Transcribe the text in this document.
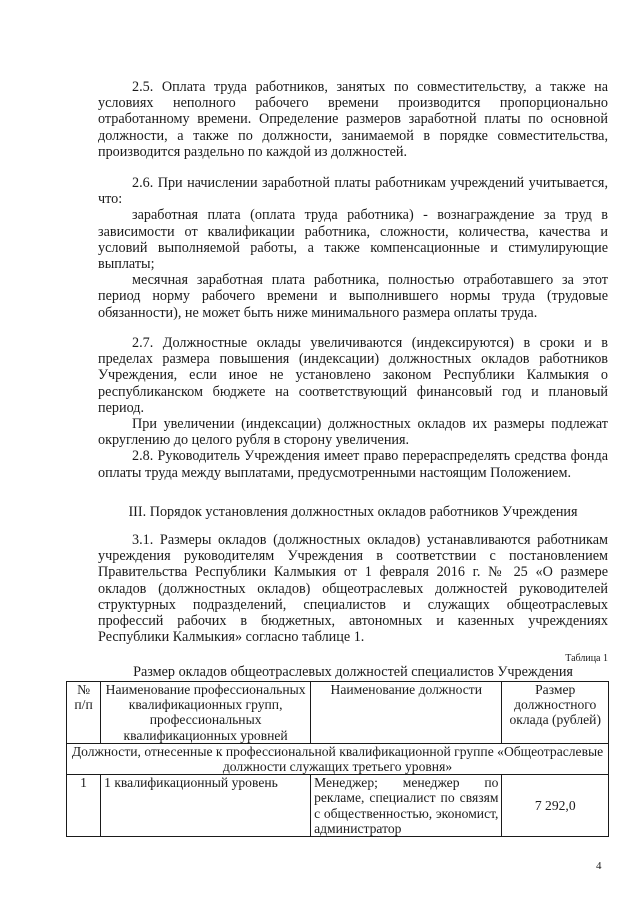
2.5. Оплата труда работников, занятых по совместительству, а также на условиях неполного рабочего времени производится пропорционально отработанному времени. Определение размеров заработной платы по основной должности, а также по должности, занимаемой в порядке совместительства, производится раздельно по каждой из должностей.

2.6. При начислении заработной платы работникам учреждений учитывается, что:

заработная плата (оплата труда работника) - вознаграждение за труд в зависимости от квалификации работника, сложности, количества, качества и условий выполняемой работы, а также компенсационные и стимулирующие выплаты;

месячная заработная плата работника, полностью отработавшего за этот период норму рабочего времени и выполнившего нормы труда (трудовые обязанности), не может быть ниже минимального размера оплаты труда.

2.7. Должностные оклады увеличиваются (индексируются) в сроки и в пределах размера повышения (индексации) должностных окладов работников Учреждения, если иное не установлено законом Республики Калмыкия о республиканском бюджете на соответствующий финансовый год и плановый период.

При увеличении (индексации) должностных окладов их размеры подлежат округлению до целого рубля в сторону увеличения.

2.8. Руководитель Учреждения имеет право перераспределять средства фонда оплаты труда между выплатами, предусмотренными настоящим Положением.

III. Порядок установления должностных окладов работников Учреждения

3.1. Размеры окладов (должностных окладов) устанавливаются работникам учреждения руководителям Учреждения в соответствии с постановлением Правительства Республики Калмыкия от 1 февраля 2016 г. № 25 «О размере окладов (должностных окладов) общеотраслевых должностей руководителей структурных подразделений, специалистов и служащих общеотраслевых профессий рабочих в бюджетных, автономных и казенных учреждениях Республики Калмыкия» согласно таблице 1.

Таблица 1
Размер окладов общеотраслевых должностей специалистов Учреждения
№ п/п	Наименование профессиональных квалификационных групп, профессиональных квалификационных уровней	Наименование должности	Размер должностного оклада (рублей)
Должности, отнесенные к профессиональной квалификационной группе «Общеотраслевые должности служащих третьего уровня»			
1	1 квалификационный уровень	Менеджер; менеджер по рекламе, специалист по связям с общественностью, экономист, администратор	7 292,0
4
